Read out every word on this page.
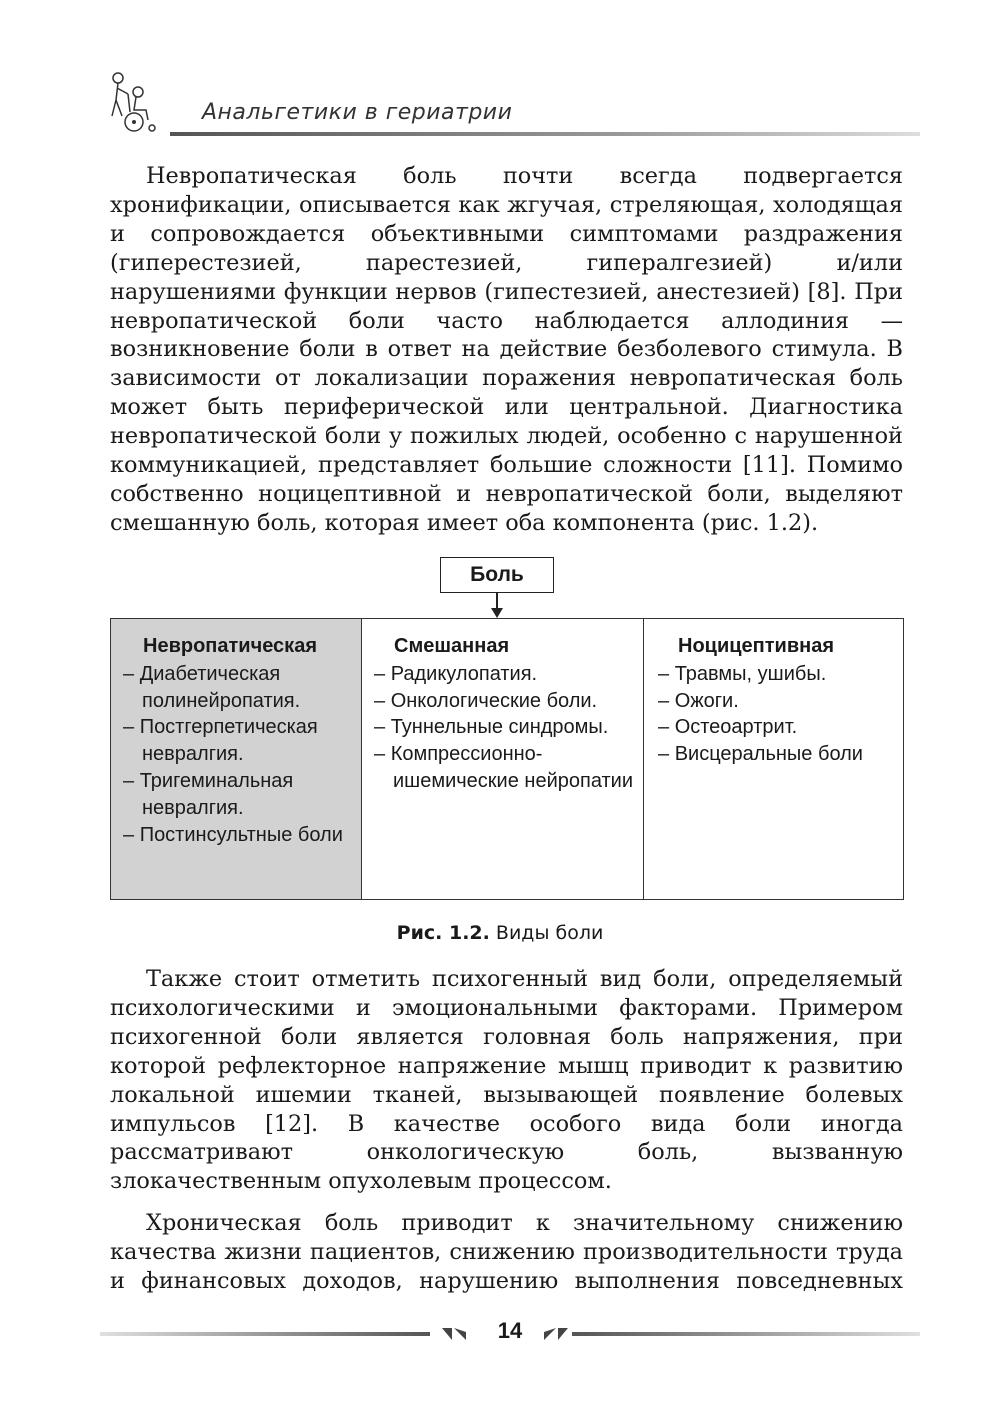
Анальгетики в гериатрии

Невропатическая боль почти всегда подвергается хронификации, описывается как жгучая, стреляющая, холодящая и сопровождается объективными симптомами раздражения (гиперестезией, парестезией, гипералгезией) и/или нарушениями функции нервов (гипестезией, анестезией) [8]. При невропатической боли часто наблюдается аллодиния — возникновение боли в ответ на действие безболевого стимула. В зависимости от локализации поражения невропатическая боль может быть периферической или центральной. Диагностика невропатической боли у пожилых людей, особенно с нарушенной коммуникацией, представляет большие сложности [11]. Помимо собственно ноцицептивной и невропатической боли, выделяют смешанную боль, которая имеет оба компонента (рис. 1.2).

Боль
Невропатическая
– Диабетическая полинейропатия.
– Постгерпетическая невралгия.
– Тригеминальная невралгия.
– Постинсультные боли
Смешанная
– Радикулопатия.
– Онкологические боли.
– Туннельные синдромы.
– Компрессионно-ишемические нейропатии
Ноцицептивная
– Травмы, ушибы.
– Ожоги.
– Остеоартрит.
– Висцеральные боли
Рис. 1.2. Виды боли

Также стоит отметить психогенный вид боли, определяемый психологическими и эмоциональными факторами. Примером психогенной боли является головная боль напряжения, при которой рефлекторное напряжение мышц приводит к развитию локальной ишемии тканей, вызывающей появление болевых импульсов [12]. В качестве особого вида боли иногда рассматривают онкологическую боль, вызванную злокачественным опухолевым процессом.

Хроническая боль приводит к значительному снижению качества жизни пациентов, снижению производительности труда и финансовых доходов, нарушению выполнения повседневных

14
